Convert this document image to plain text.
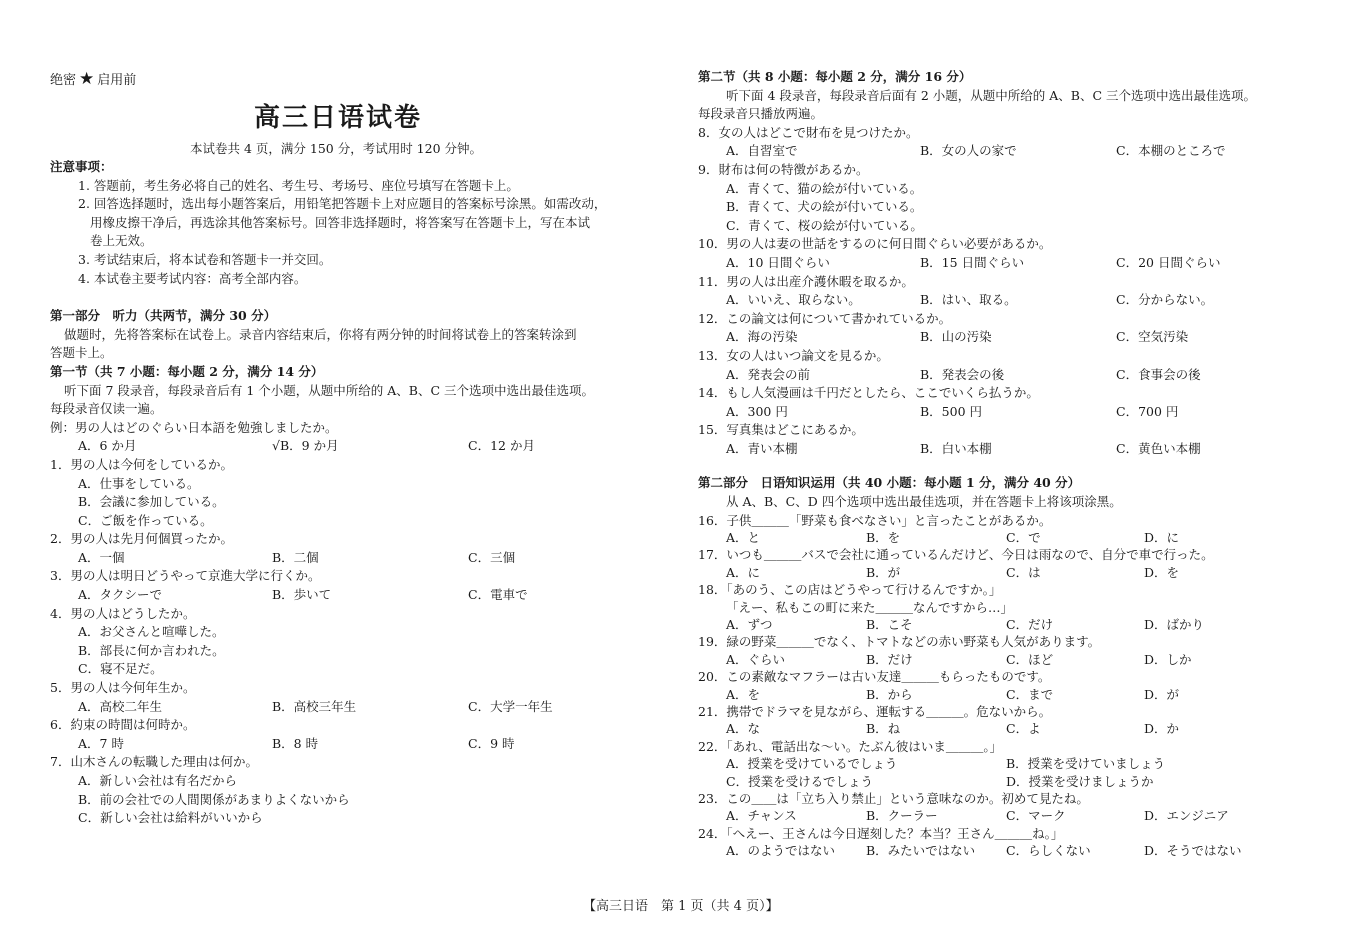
绝密 ★ 启用前
高三日语试卷
本试卷共 4 页，满分 150 分，考试用时 120 分钟。
注意事项：
1. 答题前，考生务必将自己的姓名、考生号、考场号、座位号填写在答题卡上。
2. 回答选择题时，选出每小题答案后，用铅笔把答题卡上对应题目的答案标号涂黑。如需改动，
用橡皮擦干净后，再选涂其他答案标号。回答非选择题时，将答案写在答题卡上，写在本试
卷上无效。
3. 考试结束后，将本试卷和答题卡一并交回。
4. 本试卷主要考试内容：高考全部内容。
第一部分　听力（共两节，满分 30 分）
做题时，先将答案标在试卷上。录音内容结束后，你将有两分钟的时间将试卷上的答案转涂到
答题卡上。
第一节（共 7 小题：每小题 2 分，满分 14 分）
听下面 7 段录音，每段录音后有 1 个小题，从题中所给的 A、B、C 三个选项中选出最佳选项。
每段录音仅读一遍。
例：男の人はどのぐらい日本語を勉強しましたか。
A．6 か月	√B．9 か月	C．12 か月
1．男の人は今何をしているか。
A．仕事をしている。
B．会議に参加している。
C．ご飯を作っている。
2．男の人は先月何個買ったか。
A．一個	B．二個	C．三個
3．男の人は明日どうやって京進大学に行くか。
A．タクシーで	B．歩いて	C．電車で
4．男の人はどうしたか。
A．お父さんと喧嘩した。
B．部長に何か言われた。
C．寝不足だ。
5．男の人は今何年生か。
A．高校二年生	B．高校三年生	C．大学一年生
6．約束の時間は何時か。
A．7 時	B．8 時	C．9 時
7．山木さんの転職した理由は何か。
A．新しい会社は有名だから
B．前の会社での人間関係があまりよくないから
C．新しい会社は給料がいいから
第二节（共 8 小题：每小题 2 分，满分 16 分）
听下面 4 段录音，每段录音后面有 2 小题，从题中所给的 A、B、C 三个选项中选出最佳选项。
每段录音只播放两遍。
8．女の人はどこで財布を見つけたか。
A．自習室で	B．女の人の家で	C．本棚のところで
9．財布は何の特徴があるか。
A．青くて、猫の絵が付いている。
B．青くて、犬の絵が付いている。
C．青くて、桜の絵が付いている。
10．男の人は妻の世話をするのに何日間ぐらい必要があるか。
A．10 日間ぐらい	B．15 日間ぐらい	C．20 日間ぐらい
11．男の人は出産介護休暇を取るか。
A．いいえ、取らない。	B．はい、取る。	C．分からない。
12．この論文は何について書かれているか。
A．海の汚染	B．山の汚染	C．空気汚染
13．女の人はいつ論文を見るか。
A．発表会の前	B．発表会の後	C．食事会の後
14．もし人気漫画は千円だとしたら、ここでいくら払うか。
A．300 円	B．500 円	C．700 円
15．写真集はどこにあるか。
A．青い本棚	B．白い本棚	C．黄色い本棚
第二部分　日语知识运用（共 40 小题：每小题 1 分，满分 40 分）
从 A、B、C、D 四个选项中选出最佳选项，并在答题卡上将该项涂黑。
16．子供＿＿＿「野菜も食べなさい」と言ったことがあるか。
A．と	B．を	C．で	D．に
17．いつも＿＿＿バスで会社に通っているんだけど、今日は雨なので、自分で車で行った。
A．に	B．が	C．は	D．を
18．「あのう、この店はどうやって行けるんですか。」
「えー、私もこの町に来た＿＿＿なんですから…」
A．ずつ	B．こそ	C．だけ	D．ばかり
19．緑の野菜＿＿＿でなく、トマトなどの赤い野菜も人気があります。
A．ぐらい	B．だけ	C．ほど	D．しか
20．この素敵なマフラーは古い友達＿＿＿もらったものです。
A．を	B．から	C．まで	D．が
21．携帯でドラマを見ながら、運転する＿＿＿。危ないから。
A．な	B．ね	C．よ	D．か
22．「あれ、電話出な～い。たぶん彼はいま＿＿＿。」
A．授業を受けているでしょう	B．授業を受けていましょう
C．授業を受けるでしょう	D．授業を受けましょうか
23．この＿＿は「立ち入り禁止」という意味なのか。初めて見たね。
A．チャンス	B．クーラー	C．マーク	D．エンジニア
24．「へえー、王さんは今日遅刻した？本当？王さん＿＿＿ね。」
A．のようではない B．みたいではない C．らしくない	D．そうではない
【高三日语　第 1 页（共 4 页）】
